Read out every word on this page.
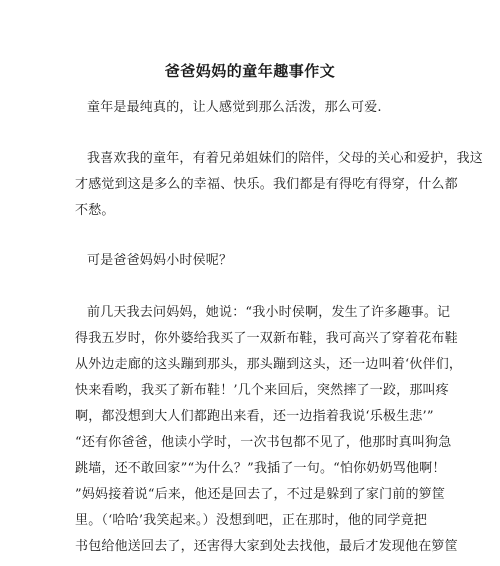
爸爸妈妈的童年趣事作文
童年是最纯真的，让人感觉到那么活泼，那么可爱.
我喜欢我的童年，有着兄弟姐妹们的陪伴，父母的关心和爱护，我这
才感觉到这是多么的幸福、快乐。我们都是有得吃有得穿，什么都
不愁。
可是爸爸妈妈小时侯呢？
前几天我去问妈妈，她说：“我小时侯啊，发生了许多趣事。记
得我五岁时，你外婆给我买了一双新布鞋，我可高兴了穿着花布鞋
从外边走廊的这头蹦到那头，那头蹦到这头，还一边叫着‘伙伴们，
快来看哟，我买了新布鞋！’几个来回后，突然摔了一跤，那叫疼
啊，都没想到大人们都跑出来看，还一边指着我说‘乐极生悲’”
“还有你爸爸，他读小学时，一次书包都不见了，他那时真叫狗急
跳墙，还不敢回家”“为什么？”我插了一句。“怕你奶奶骂他啊！
”妈妈接着说“后来，他还是回去了，不过是躲到了家门前的箩筐
里。（‘哈哈’我笑起来。）没想到吧，正在那时，他的同学竟把
书包给他送回去了，还害得大家到处去找他，最后才发现他在箩筐
